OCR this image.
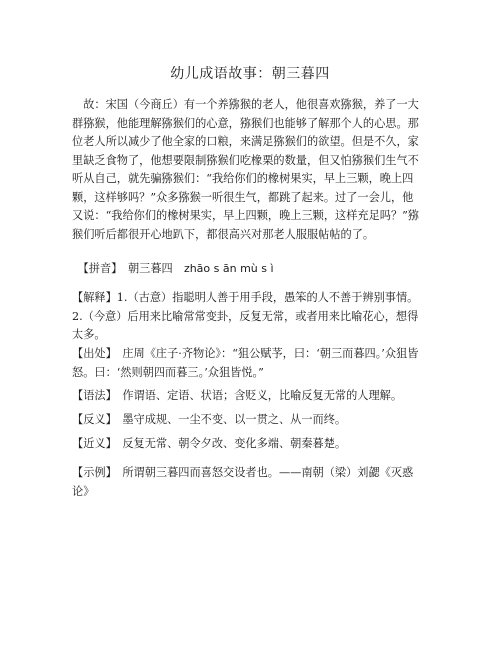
幼儿成语故事：朝三暮四
　故：宋国（今商丘）有一个养猕猴的老人，他很喜欢猕猴，养了一大群猕猴，他能理解猕猴们的心意，猕猴们也能够了解那个人的心思。那位老人所以减少了他全家的口粮，来满足猕猴们的欲望。但是不久，家里缺乏食物了，他想要限制猕猴们吃橡栗的数量，但又怕猕猴们生气不听从自己，就先骗猕猴们：“我给你们的橡树果实，早上三颗，晚上四颗，这样够吗？”众多猕猴一听很生气，都跳了起来。过了一会儿，他又说：“我给你们的橡树果实，早上四颗，晚上三颗，这样充足吗？”猕猴们听后都很开心地趴下，都很高兴对那老人服服帖帖的了。
　【拼音】　 朝三暮四　 zhāo s ān mù s ì
【解释】1.（古意）指聪明人善于用手段，愚笨的人不善于辨别事情。2.（今意）后用来比喻常常变卦，反复无常，或者用来比喻花心，想得太多。
【出处】  庄周《庄子·齐物论》：“狙公赋芧，曰：‘朝三而暮四。’众狙皆怒。曰：‘然则朝四而暮三。’众狙皆悦。”
【语法】  作谓语、定语、状语；含贬义，比喻反复无常的人理解。
【反义】  墨守成规、一尘不变、以一贯之、从一而终。
【近义】  反复无常、朝令夕改、变化多端、朝秦暮楚。
【示例】  所谓朝三暮四而喜怒交设者也。——南朝（梁）刘勰《灭惑论》
